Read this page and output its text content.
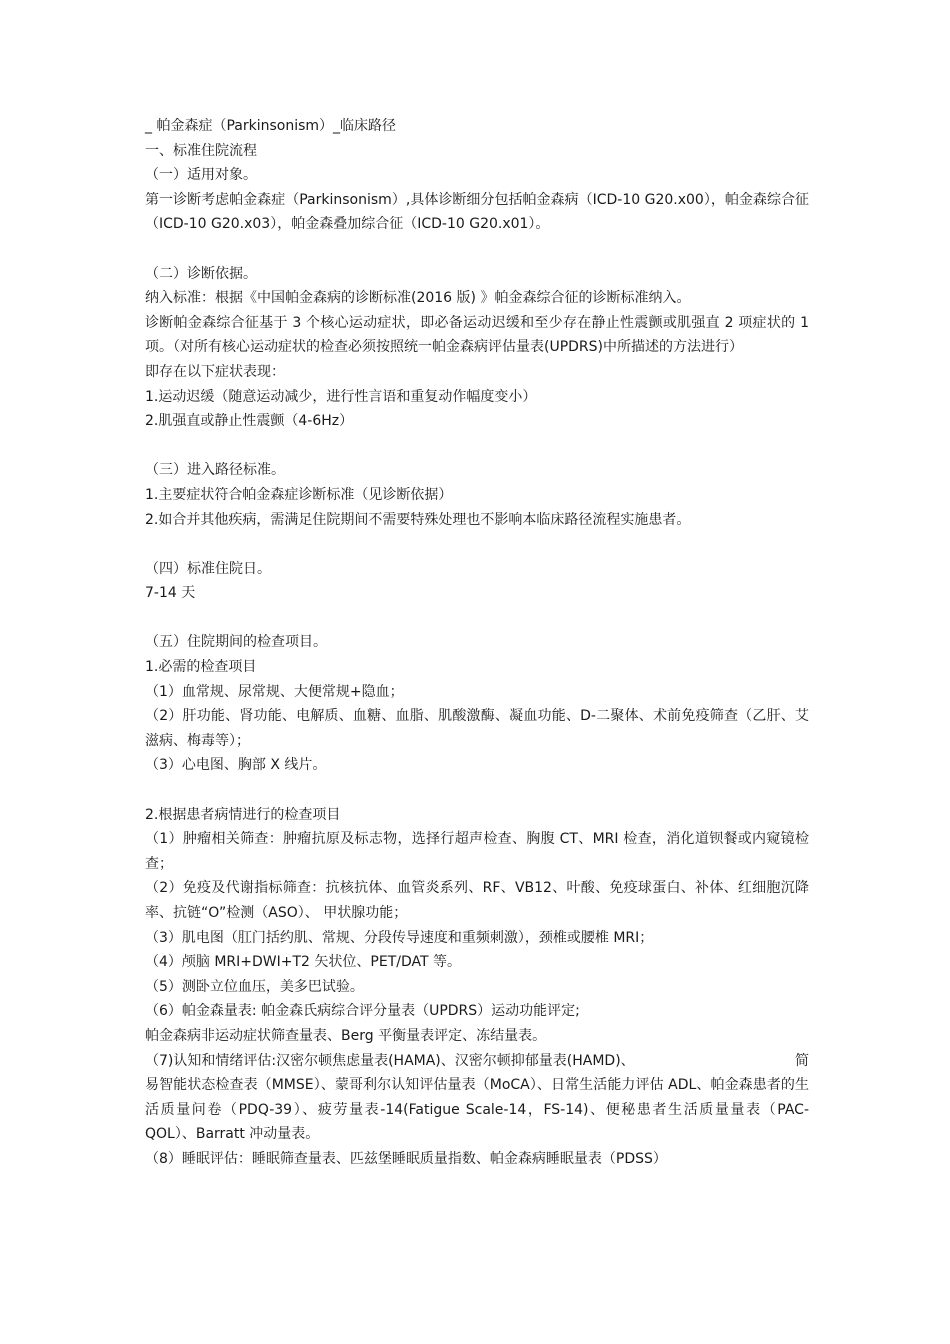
_ 帕金森症（Parkinsonism）_临床路径
一、标准住院流程
（一）适用对象。
第一诊断考虑帕金森症（Parkinsonism）,具体诊断细分包括帕金森病（ICD-10 G20.x00），帕金森综合征（ICD-10 G20.x03），帕金森叠加综合征（ICD-10 G20.x01）。
（二）诊断依据。
纳入标准：根据《中国帕金森病的诊断标准(2016 版) 》帕金森综合征的诊断标准纳入。
诊断帕金森综合征基于 3 个核心运动症状，即必备运动迟缓和至少存在静止性震颤或肌强直 2 项症状的 1 项。（对所有核心运动症状的检查必须按照统一帕金森病评估量表(UPDRS)中所描述的方法进行）
即存在以下症状表现：
1.运动迟缓（随意运动减少，进行性言语和重复动作幅度变小）
2.肌强直或静止性震颤（4-6Hz）
（三）进入路径标准。
1.主要症状符合帕金森症诊断标准（见诊断依据）
2.如合并其他疾病，需满足住院期间不需要特殊处理也不影响本临床路径流程实施患者。
（四）标准住院日。
7-14 天
（五）住院期间的检查项目。
1.必需的检查项目
（1）血常规、尿常规、大便常规+隐血；
（2）肝功能、肾功能、电解质、血糖、血脂、肌酸激酶、凝血功能、D-二聚体、术前免疫筛查（乙肝、艾滋病、梅毒等）；
（3）心电图、胸部 X 线片。
2.根据患者病情进行的检查项目
（1）肿瘤相关筛查：肿瘤抗原及标志物，选择行超声检查、胸腹 CT、MRI 检查，消化道钡餐或内窥镜检查；
（2）免疫及代谢指标筛查：抗核抗体、血管炎系列、RF、VB12、叶酸、免疫球蛋白、补体、红细胞沉降率、抗链“O”检测（ASO）、 甲状腺功能；
（3）肌电图（肛门括约肌、常规、分段传导速度和重频刺激），颈椎或腰椎 MRI；
（4）颅脑 MRI+DWI+T2 矢状位、PET/DAT 等。
（5）测卧立位血压，美多巴试验。
（6）帕金森量表: 帕金森氏病综合评分量表（UPDRS）运动功能评定;
帕金森病非运动症状筛查量表、Berg 平衡量表评定、冻结量表。
（7)认知和情绪评估:汉密尔顿焦虑量表(HAMA)、汉密尔顿抑郁量表(HAMD)、	简
易智能状态检查表（MMSE）、蒙哥利尔认知评估量表（MoCA）、日常生活能力评估 ADL、帕金森患者的生活质量问卷（PDQ-39）、疲劳量表-14(Fatigue Scale-14，FS-14)、便秘患者生活质量量表（PAC-QOL）、Barratt 冲动量表。
（8）睡眠评估：睡眠筛查量表、匹兹堡睡眠质量指数、帕金森病睡眠量表（PDSS）
